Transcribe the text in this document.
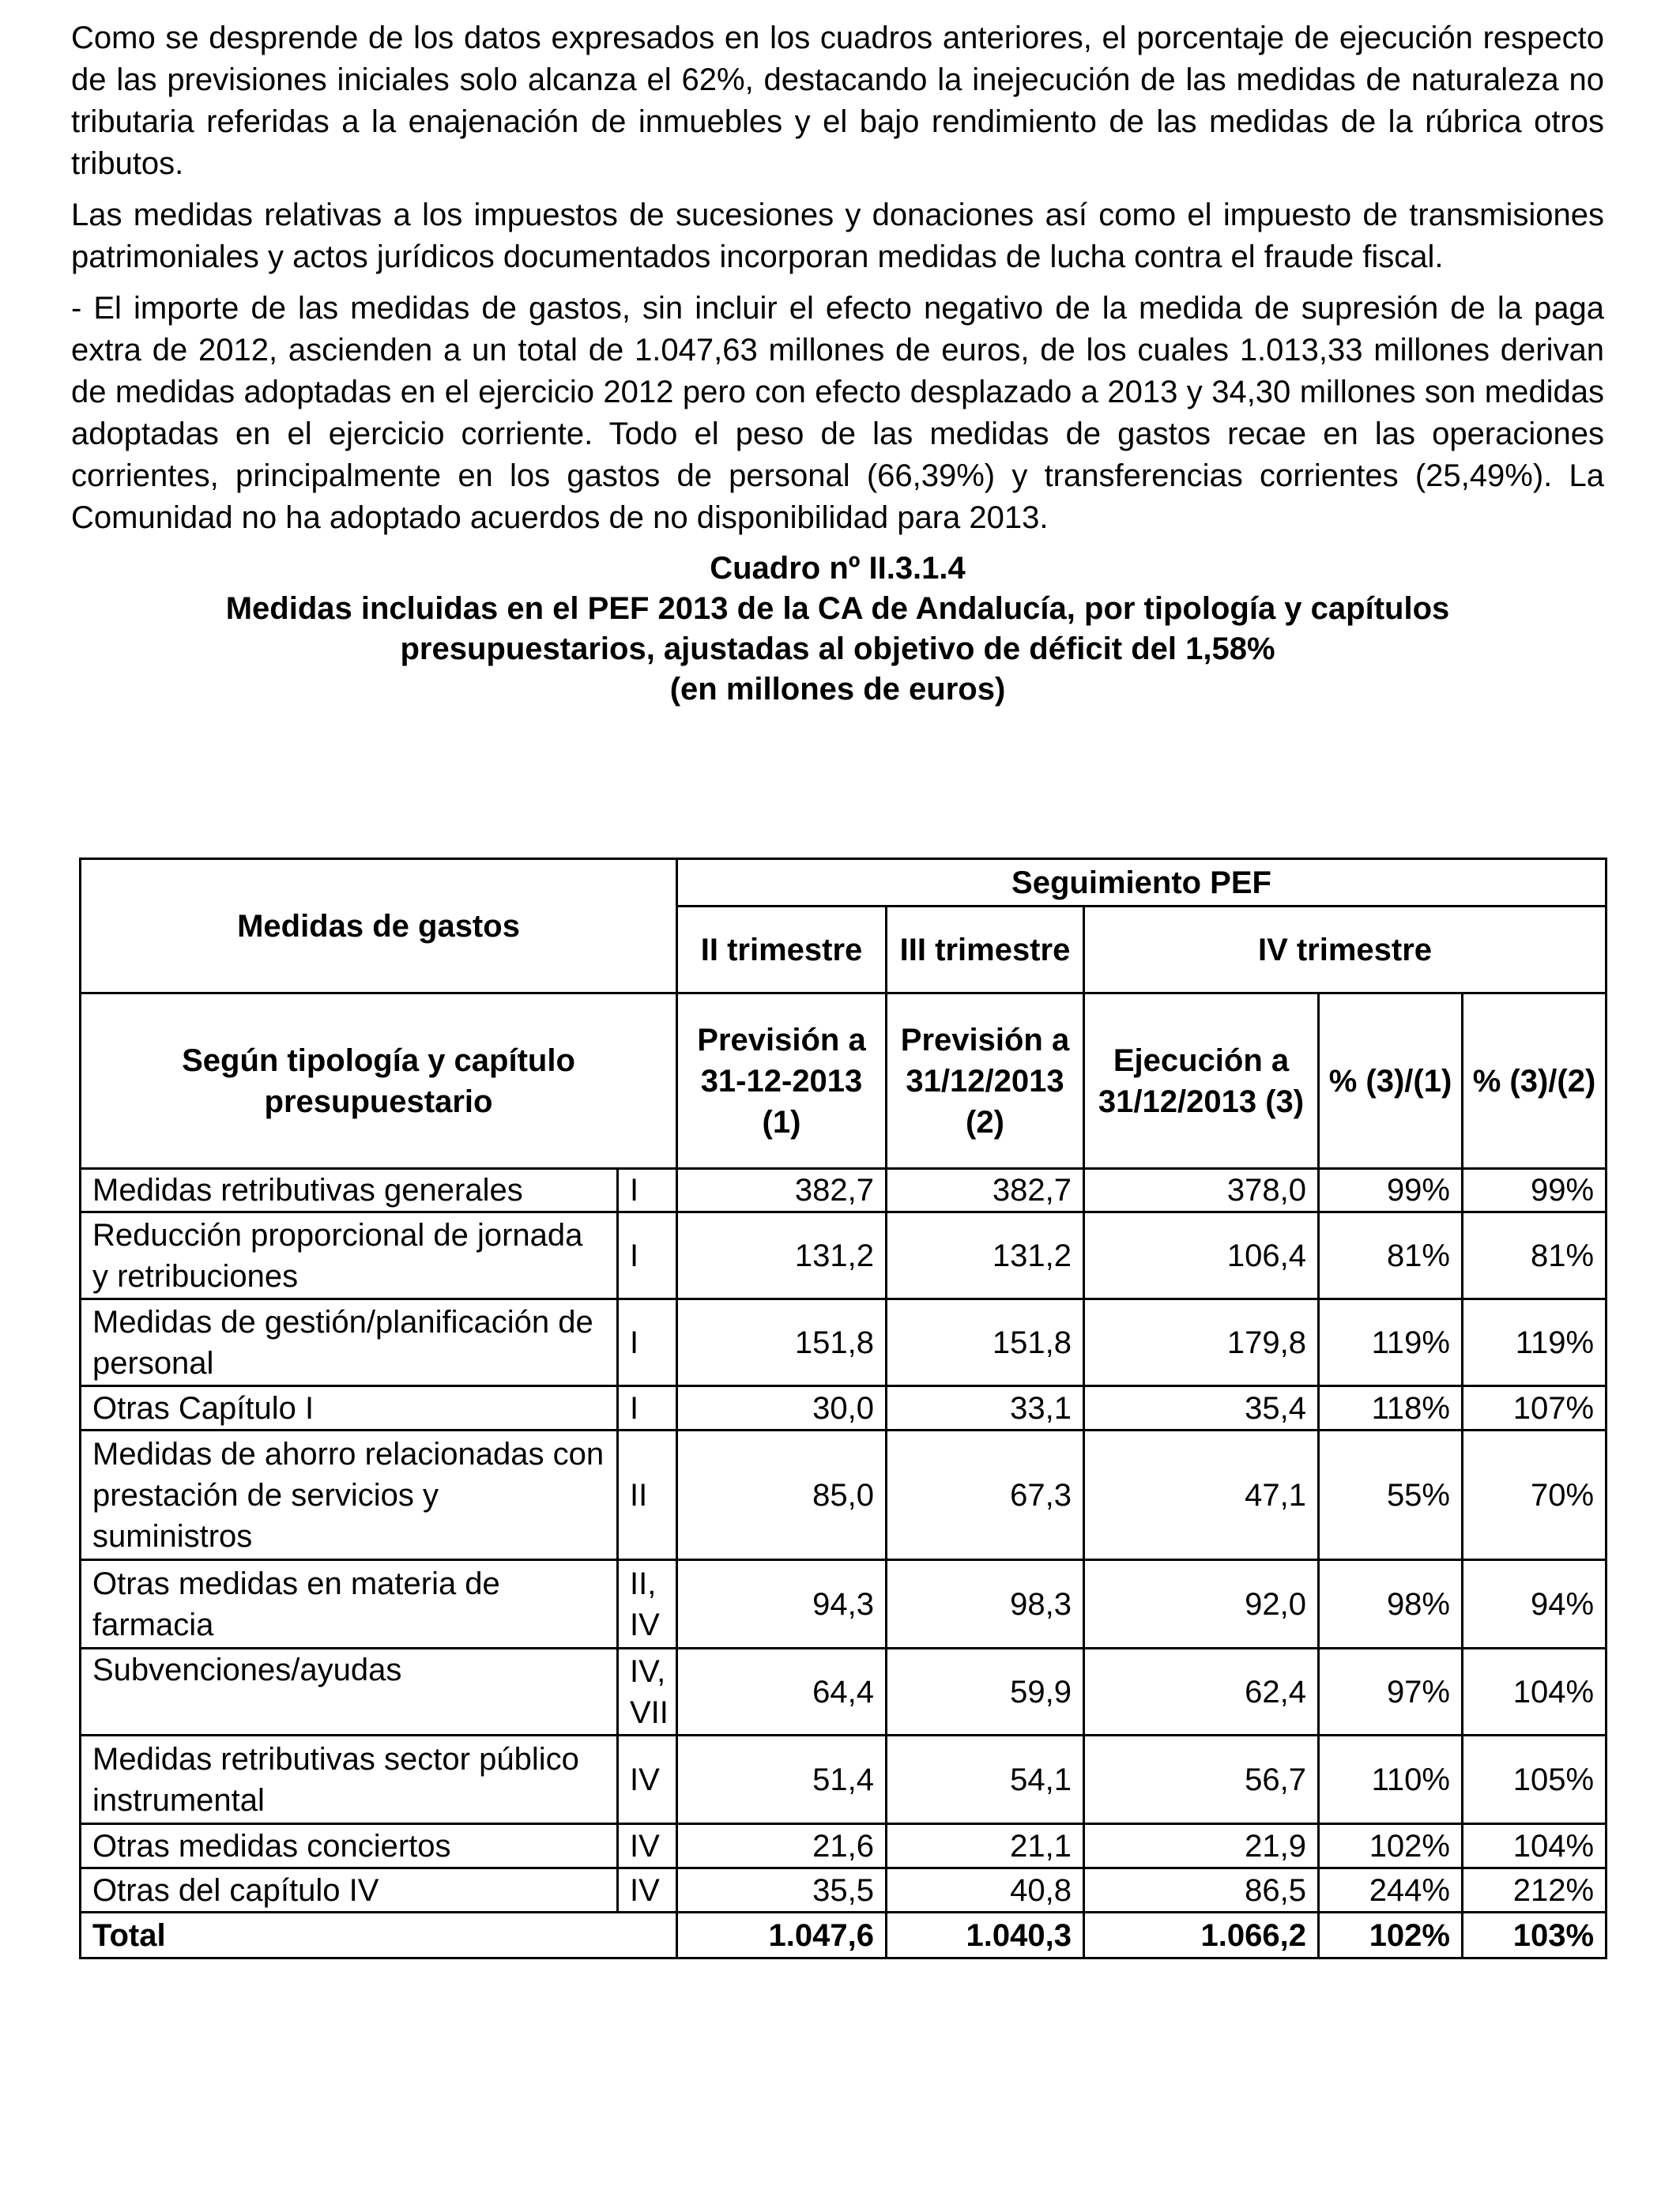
Como se desprende de los datos expresados en los cuadros anteriores, el porcentaje de ejecución respecto de las previsiones iniciales solo alcanza el 62%, destacando la inejecución de las medidas de naturaleza no tributaria referidas a la enajenación de inmuebles y el bajo rendimiento de las medidas de la rúbrica otros tributos.

Las medidas relativas a los impuestos de sucesiones y donaciones así como el impuesto de transmisiones patrimoniales y actos jurídicos documentados incorporan medidas de lucha contra el fraude fiscal.

- El importe de las medidas de gastos, sin incluir el efecto negativo de la medida de supresión de la paga extra de 2012, ascienden a un total de 1.047,63 millones de euros, de los cuales 1.013,33 millones derivan de medidas adoptadas en el ejercicio 2012 pero con efecto desplazado a 2013 y 34,30 millones son medidas adoptadas en el ejercicio corriente. Todo el peso de las medidas de gastos recae en las operaciones corrientes, principalmente en los gastos de personal (66,39%) y transferencias corrientes (25,49%). La Comunidad no ha adoptado acuerdos de no disponibilidad para 2013.

Cuadro nº II.3.1.4
Medidas incluidas en el PEF 2013 de la CA de Andalucía, por tipología y capítulos
presupuestarios, ajustadas al objetivo de déficit del 1,58%
(en millones de euros)
Medidas de gastos		Seguimiento PEF				
		II trimestre	III trimestre	IV trimestre		
Según tipología y capítulo presupuestario		Previsión a 31-12-2013 (1)	Previsión a 31/12/2013 (2)	Ejecución a 31/12/2013 (3)	% (3)/(1)	% (3)/(2)
Medidas retributivas generales	I	382,7	382,7	378,0	99%	99%
Reducción proporcional de jornada y retribuciones	I	131,2	131,2	106,4	81%	81%
Medidas de gestión/planificación de personal	I	151,8	151,8	179,8	119%	119%
Otras Capítulo I	I	30,0	33,1	35,4	118%	107%
Medidas de ahorro relacionadas con prestación de servicios y suministros	II	85,0	67,3	47,1	55%	70%
Otras medidas en materia de farmacia	II, IV	94,3	98,3	92,0	98%	94%
Subvenciones/ayudas	IV, VII	64,4	59,9	62,4	97%	104%
Medidas retributivas sector público instrumental	IV	51,4	54,1	56,7	110%	105%
Otras medidas conciertos	IV	21,6	21,1	21,9	102%	104%
Otras del capítulo IV	IV	35,5	40,8	86,5	244%	212%
Total		1.047,6	1.040,3	1.066,2	102%	103%
